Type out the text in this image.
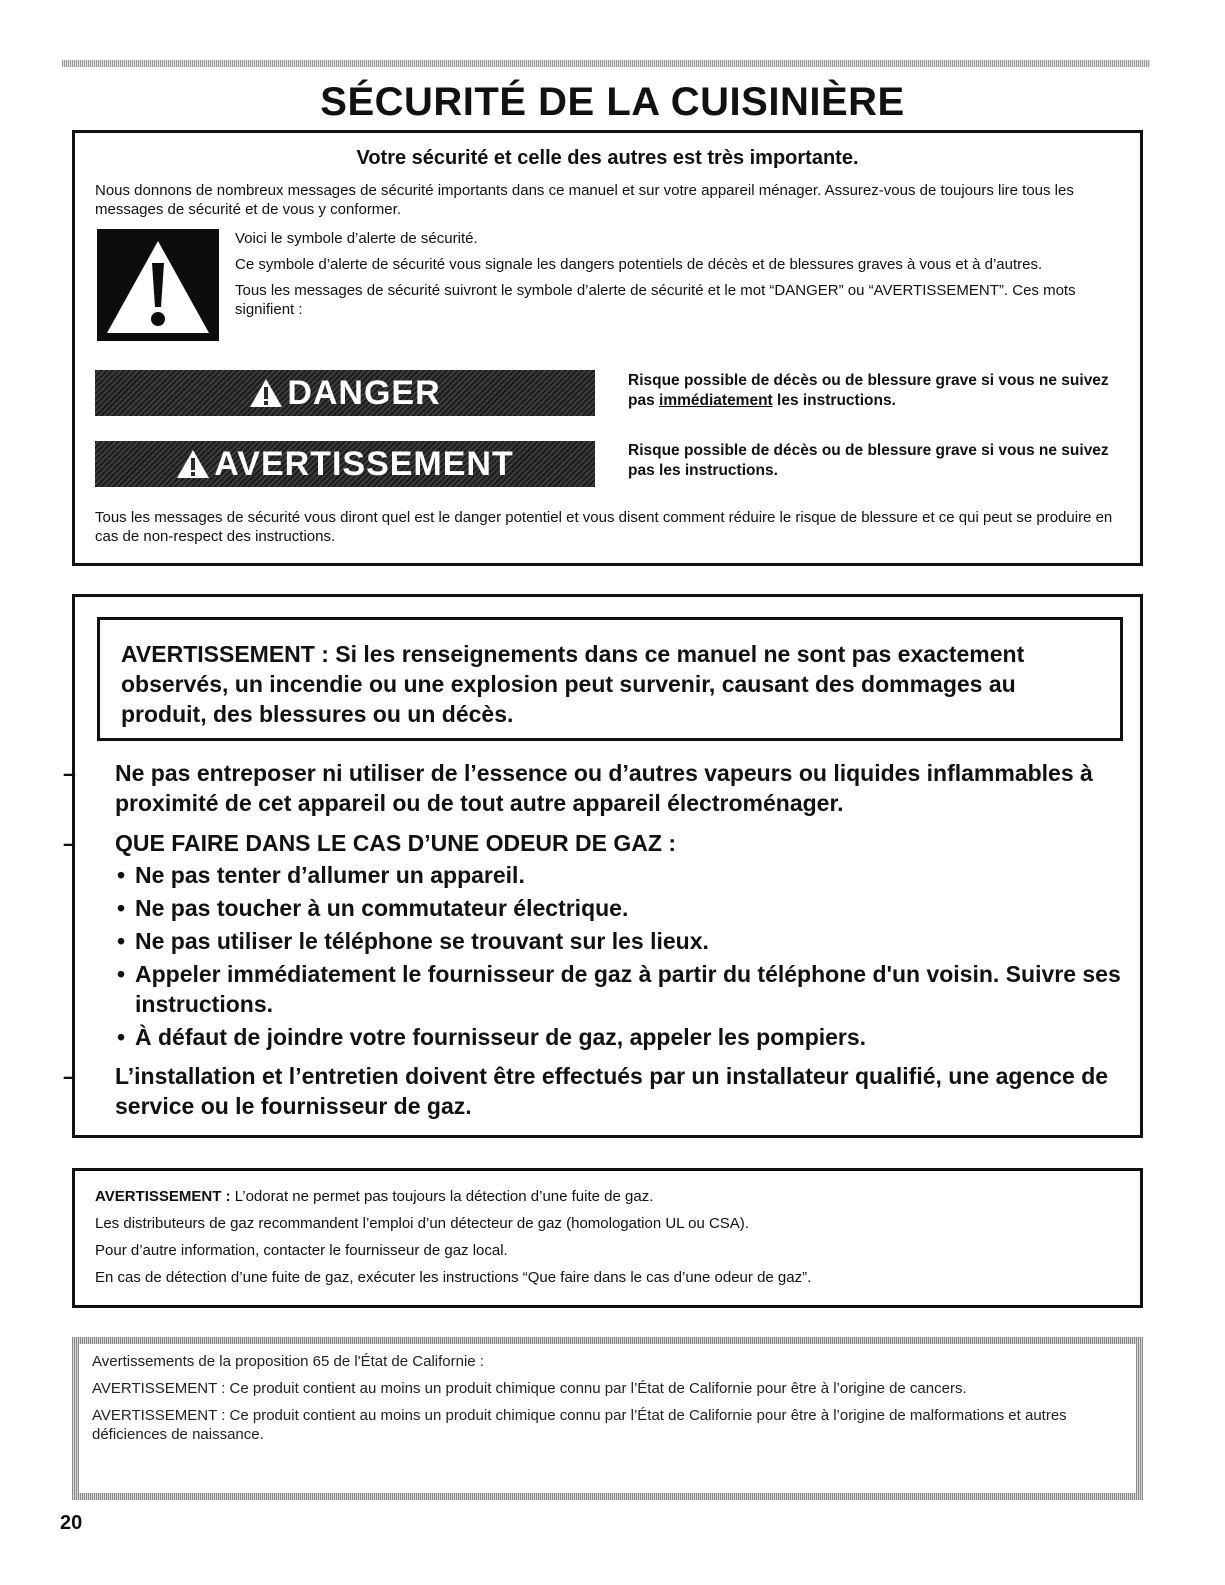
SÉCURITÉ DE LA CUISINIÈRE
Votre sécurité et celle des autres est très importante.

Nous donnons de nombreux messages de sécurité importants dans ce manuel et sur votre appareil ménager. Assurez-vous de toujours lire tous les messages de sécurité et de vous y conformer.

Voici le symbole d’alerte de sécurité.

Ce symbole d’alerte de sécurité vous signale les dangers potentiels de décès et de blessures graves à vous et à d’autres.

Tous les messages de sécurité suivront le symbole d’alerte de sécurité et le mot “DANGER” ou “AVERTISSEMENT”. Ces mots signifient :

DANGER	Risque possible de décès ou de blessure grave si vous ne suivez pas immédiatement les instructions.

AVERTISSEMENT	Risque possible de décès ou de blessure grave si vous ne suivez pas les instructions.

Tous les messages de sécurité vous diront quel est le danger potentiel et vous disent comment réduire le risque de blessure et ce qui peut se produire en cas de non-respect des instructions.

AVERTISSEMENT : Si les renseignements dans ce manuel ne sont pas exactement observés, un incendie ou une explosion peut survenir, causant des dommages au produit, des blessures ou un décès.

– Ne pas entreposer ni utiliser de l’essence ou d’autres vapeurs ou liquides inflammables à proximité de cet appareil ou de tout autre appareil électroménager.

– QUE FAIRE DANS LE CAS D’UNE ODEUR DE GAZ :

• Ne pas tenter d’allumer un appareil.
• Ne pas toucher à un commutateur électrique.
• Ne pas utiliser le téléphone se trouvant sur les lieux.
• Appeler immédiatement le fournisseur de gaz à partir du téléphone d'un voisin. Suivre ses instructions.
• À défaut de joindre votre fournisseur de gaz, appeler les pompiers.

– L’installation et l’entretien doivent être effectués par un installateur qualifié, une agence de service ou le fournisseur de gaz.

AVERTISSEMENT : L’odorat ne permet pas toujours la détection d’une fuite de gaz.

Les distributeurs de gaz recommandent l’emploi d’un détecteur de gaz (homologation UL ou CSA).

Pour d’autre information, contacter le fournisseur de gaz local.

En cas de détection d’une fuite de gaz, exécuter les instructions “Que faire dans le cas d’une odeur de gaz”.

Avertissements de la proposition 65 de l'État de Californie :

AVERTISSEMENT : Ce produit contient au moins un produit chimique connu par l’État de Californie pour être à l’origine de cancers.

AVERTISSEMENT : Ce produit contient au moins un produit chimique connu par l’État de Californie pour être à l’origine de malformations et autres déficiences de naissance.

20
